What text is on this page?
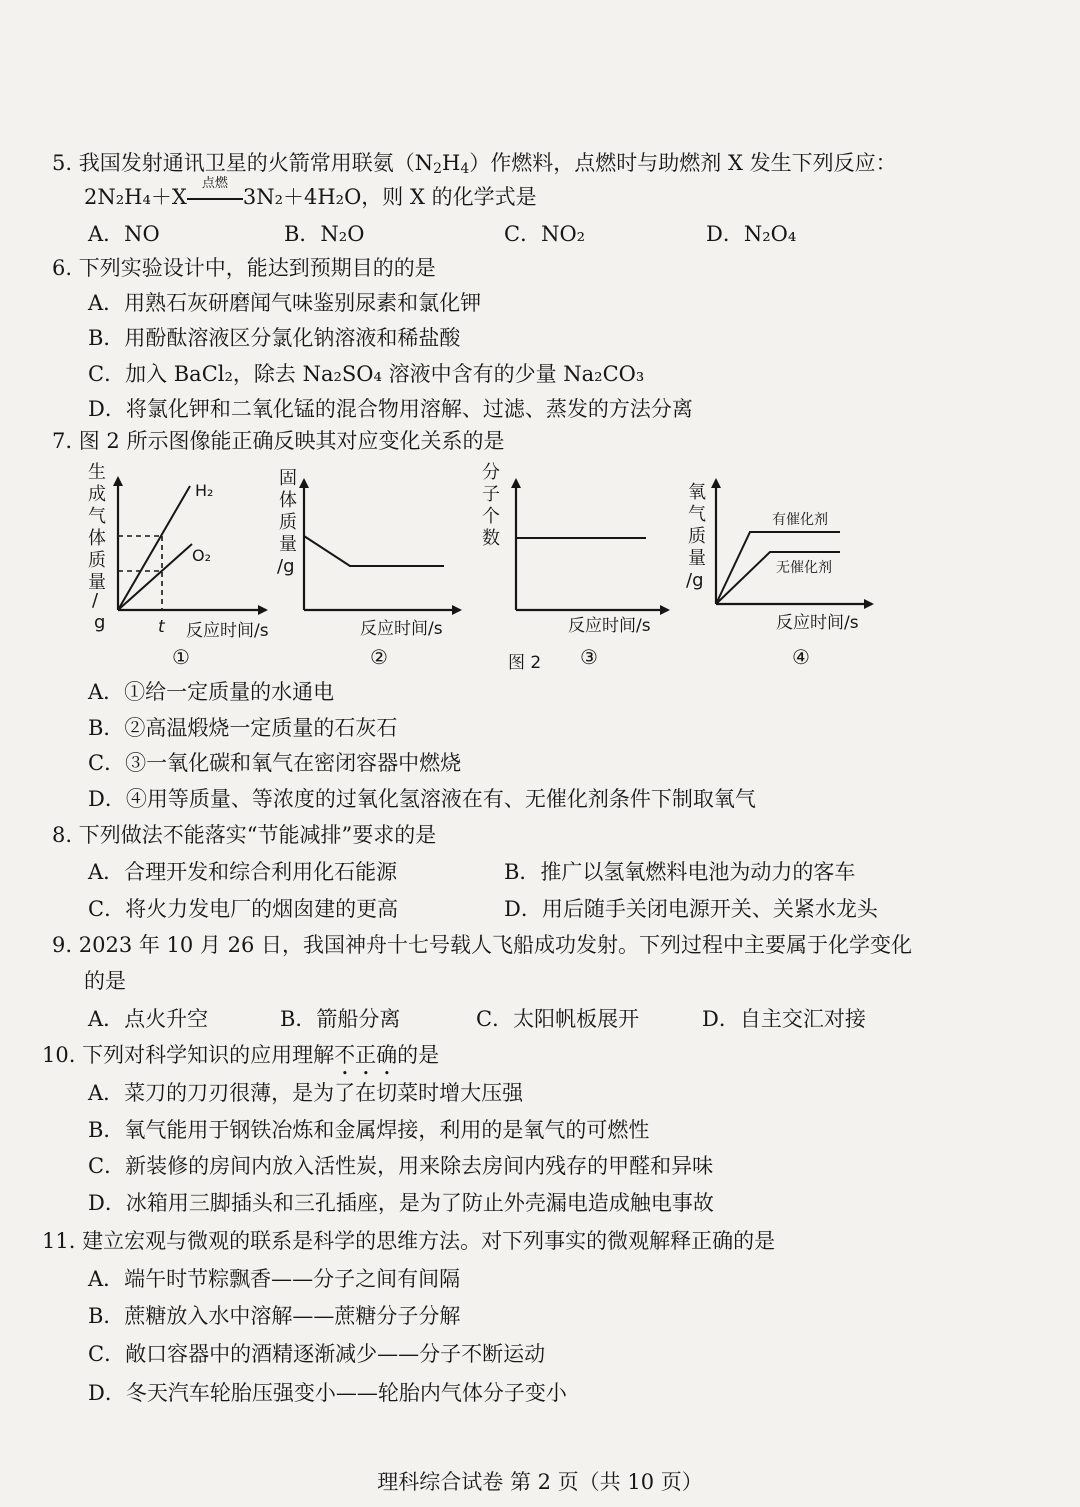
5. 我国发射通讯卫星的火箭常用联氨$(N_2H_4)$作燃料，点燃时与助燃剂 X 发生下列反应：
2N₂H₄＋X
点燃
3N₂＋4H₂O，则 X 的化学式是
A．NO	B．N₂O	C．NO₂	D．N₂O₄
6. 下列实验设计中，能达到预期目的的是
A．用熟石灰研磨闻气味鉴别尿素和氯化钾
B．用酚酞溶液区分氯化钠溶液和稀盐酸
C．加入 BaCl₂，除去 Na₂SO₄ 溶液中含有的少量 Na₂CO₃
D．将氯化钾和二氧化锰的混合物用溶解、过滤、蒸发的方法分离
7. 图 2 所示图像能正确反映其对应变化关系的是
生
成
气
体
质
量
/
g
H₂
O₂
t 反应时间/s
①
固
体
质
量
/g
反应时间/s
②
分
子
个
数
反应时间/s
图 2 ③
氧
气
质
量
/g
有催化剂
无催化剂
反应时间/s
④
A．①给一定质量的水通电
B．②高温煅烧一定质量的石灰石
C．③一氧化碳和氧气在密闭容器中燃烧
D．④用等质量、等浓度的过氧化氢溶液在有、无催化剂条件下制取氧气
8. 下列做法不能落实“节能减排”要求的是
A．合理开发和综合利用化石能源	B．推广以氢氧燃料电池为动力的客车
C．将火力发电厂的烟囱建的更高	D．用后随手关闭电源开关、关紧水龙头
9. 2023 年 10 月 26 日，我国神舟十七号载人飞船成功发射。下列过程中主要属于化学变化
的是
A．点火升空	B．箭船分离	C．太阳帆板展开	D．自主交汇对接
10. 下列对科学知识的应用理解不正确的是
A．菜刀的刀刃很薄，是为了在切菜时增大压强
B．氧气能用于钢铁冶炼和金属焊接，利用的是氧气的可燃性
C．新装修的房间内放入活性炭，用来除去房间内残存的甲醛和异味
D．冰箱用三脚插头和三孔插座，是为了防止外壳漏电造成触电事故
11. 建立宏观与微观的联系是科学的思维方法。对下列事实的微观解释正确的是
A．端午时节粽飘香——分子之间有间隔
B．蔗糖放入水中溶解——蔗糖分子分解
C．敞口容器中的酒精逐渐减少——分子不断运动
D．冬天汽车轮胎压强变小——轮胎内气体分子变小
理科综合试卷 第 2 页（共 10 页）
